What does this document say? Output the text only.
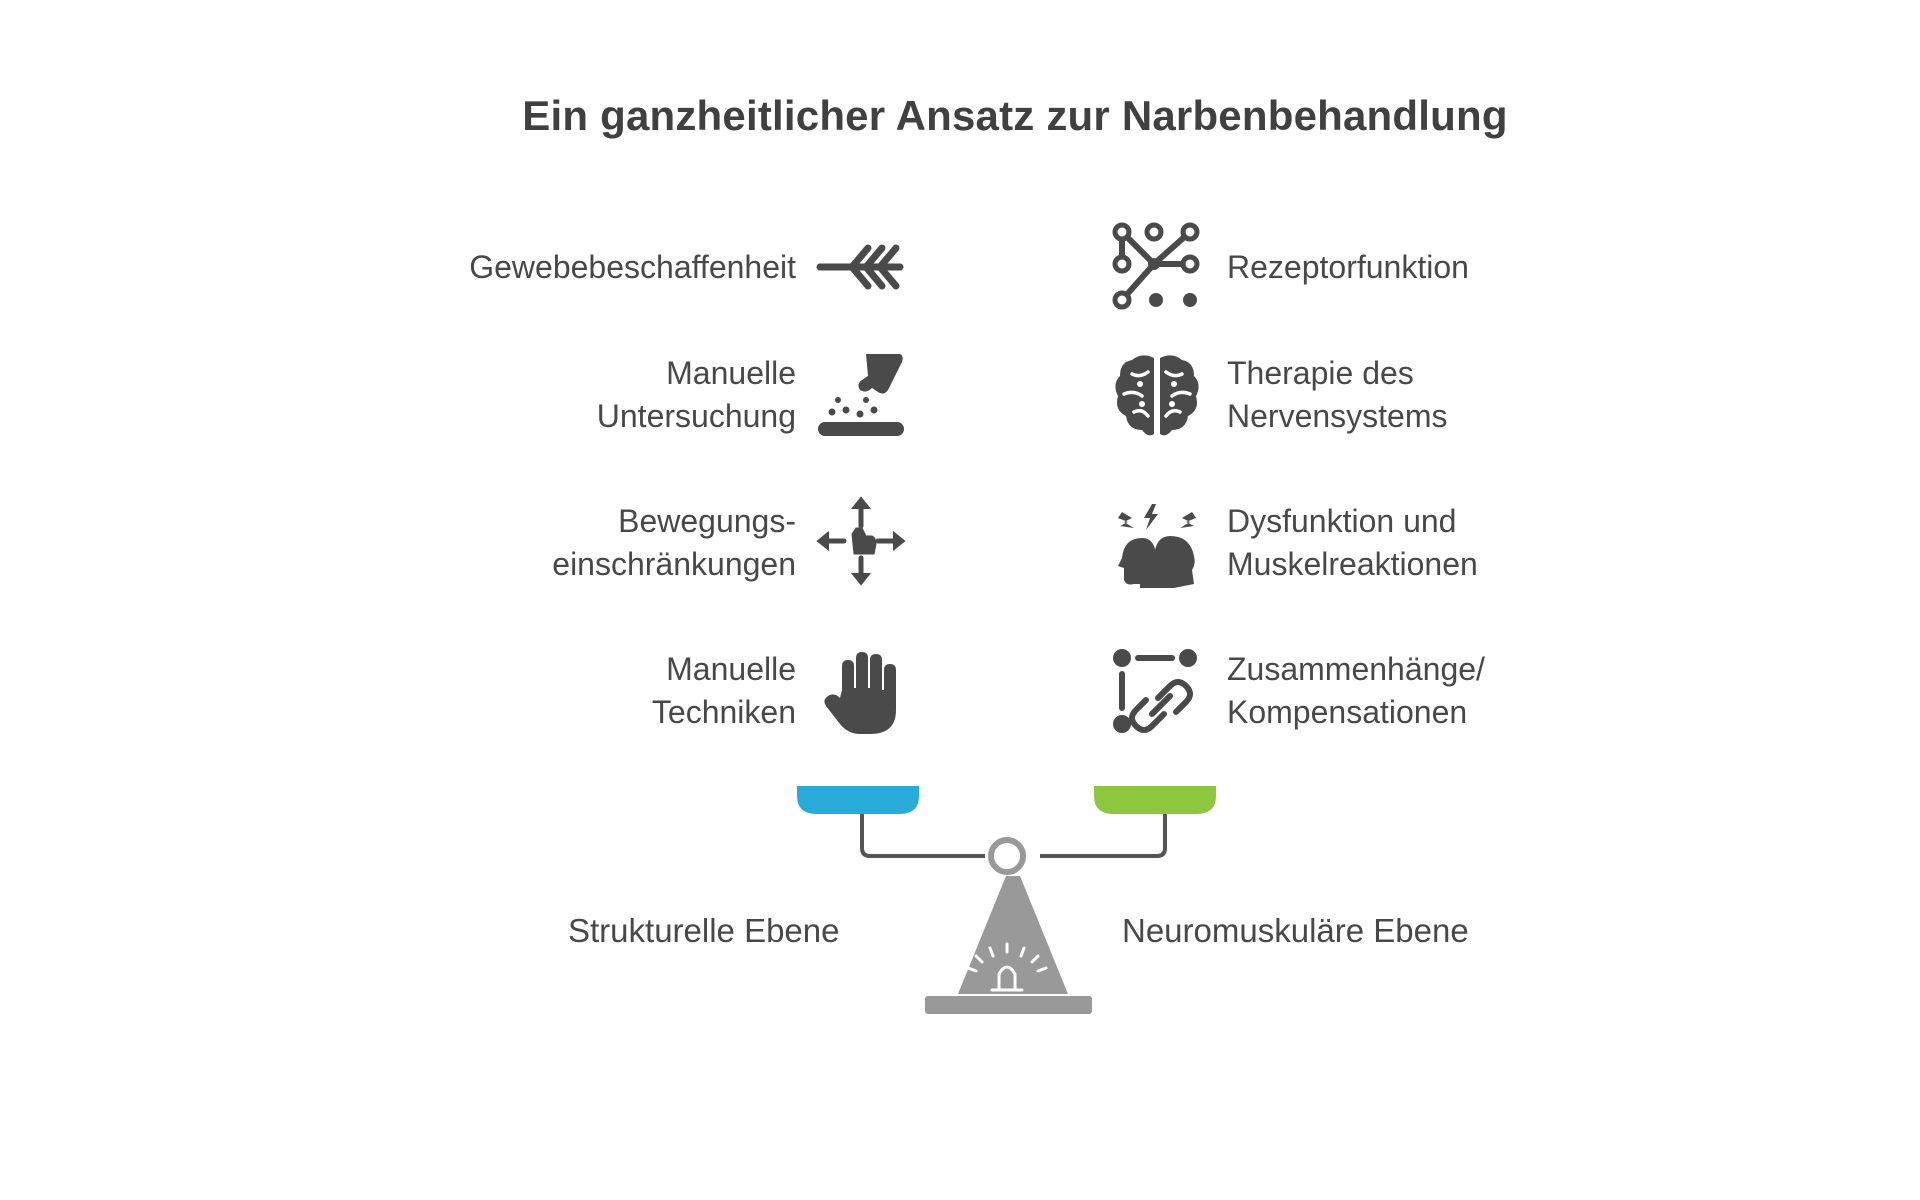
Ein ganzheitlicher Ansatz zur Narbenbehandlung
Gewebebeschaffenheit
Manuelle
Untersuchung
Bewegungs-
einschränkungen
Manuelle
Techniken
Rezeptorfunktion
Therapie des
Nervensystems
Dysfunktion und
Muskelreaktionen
Zusammenhänge/
Kompensationen
Strukturelle Ebene	Neuromuskuläre Ebene
